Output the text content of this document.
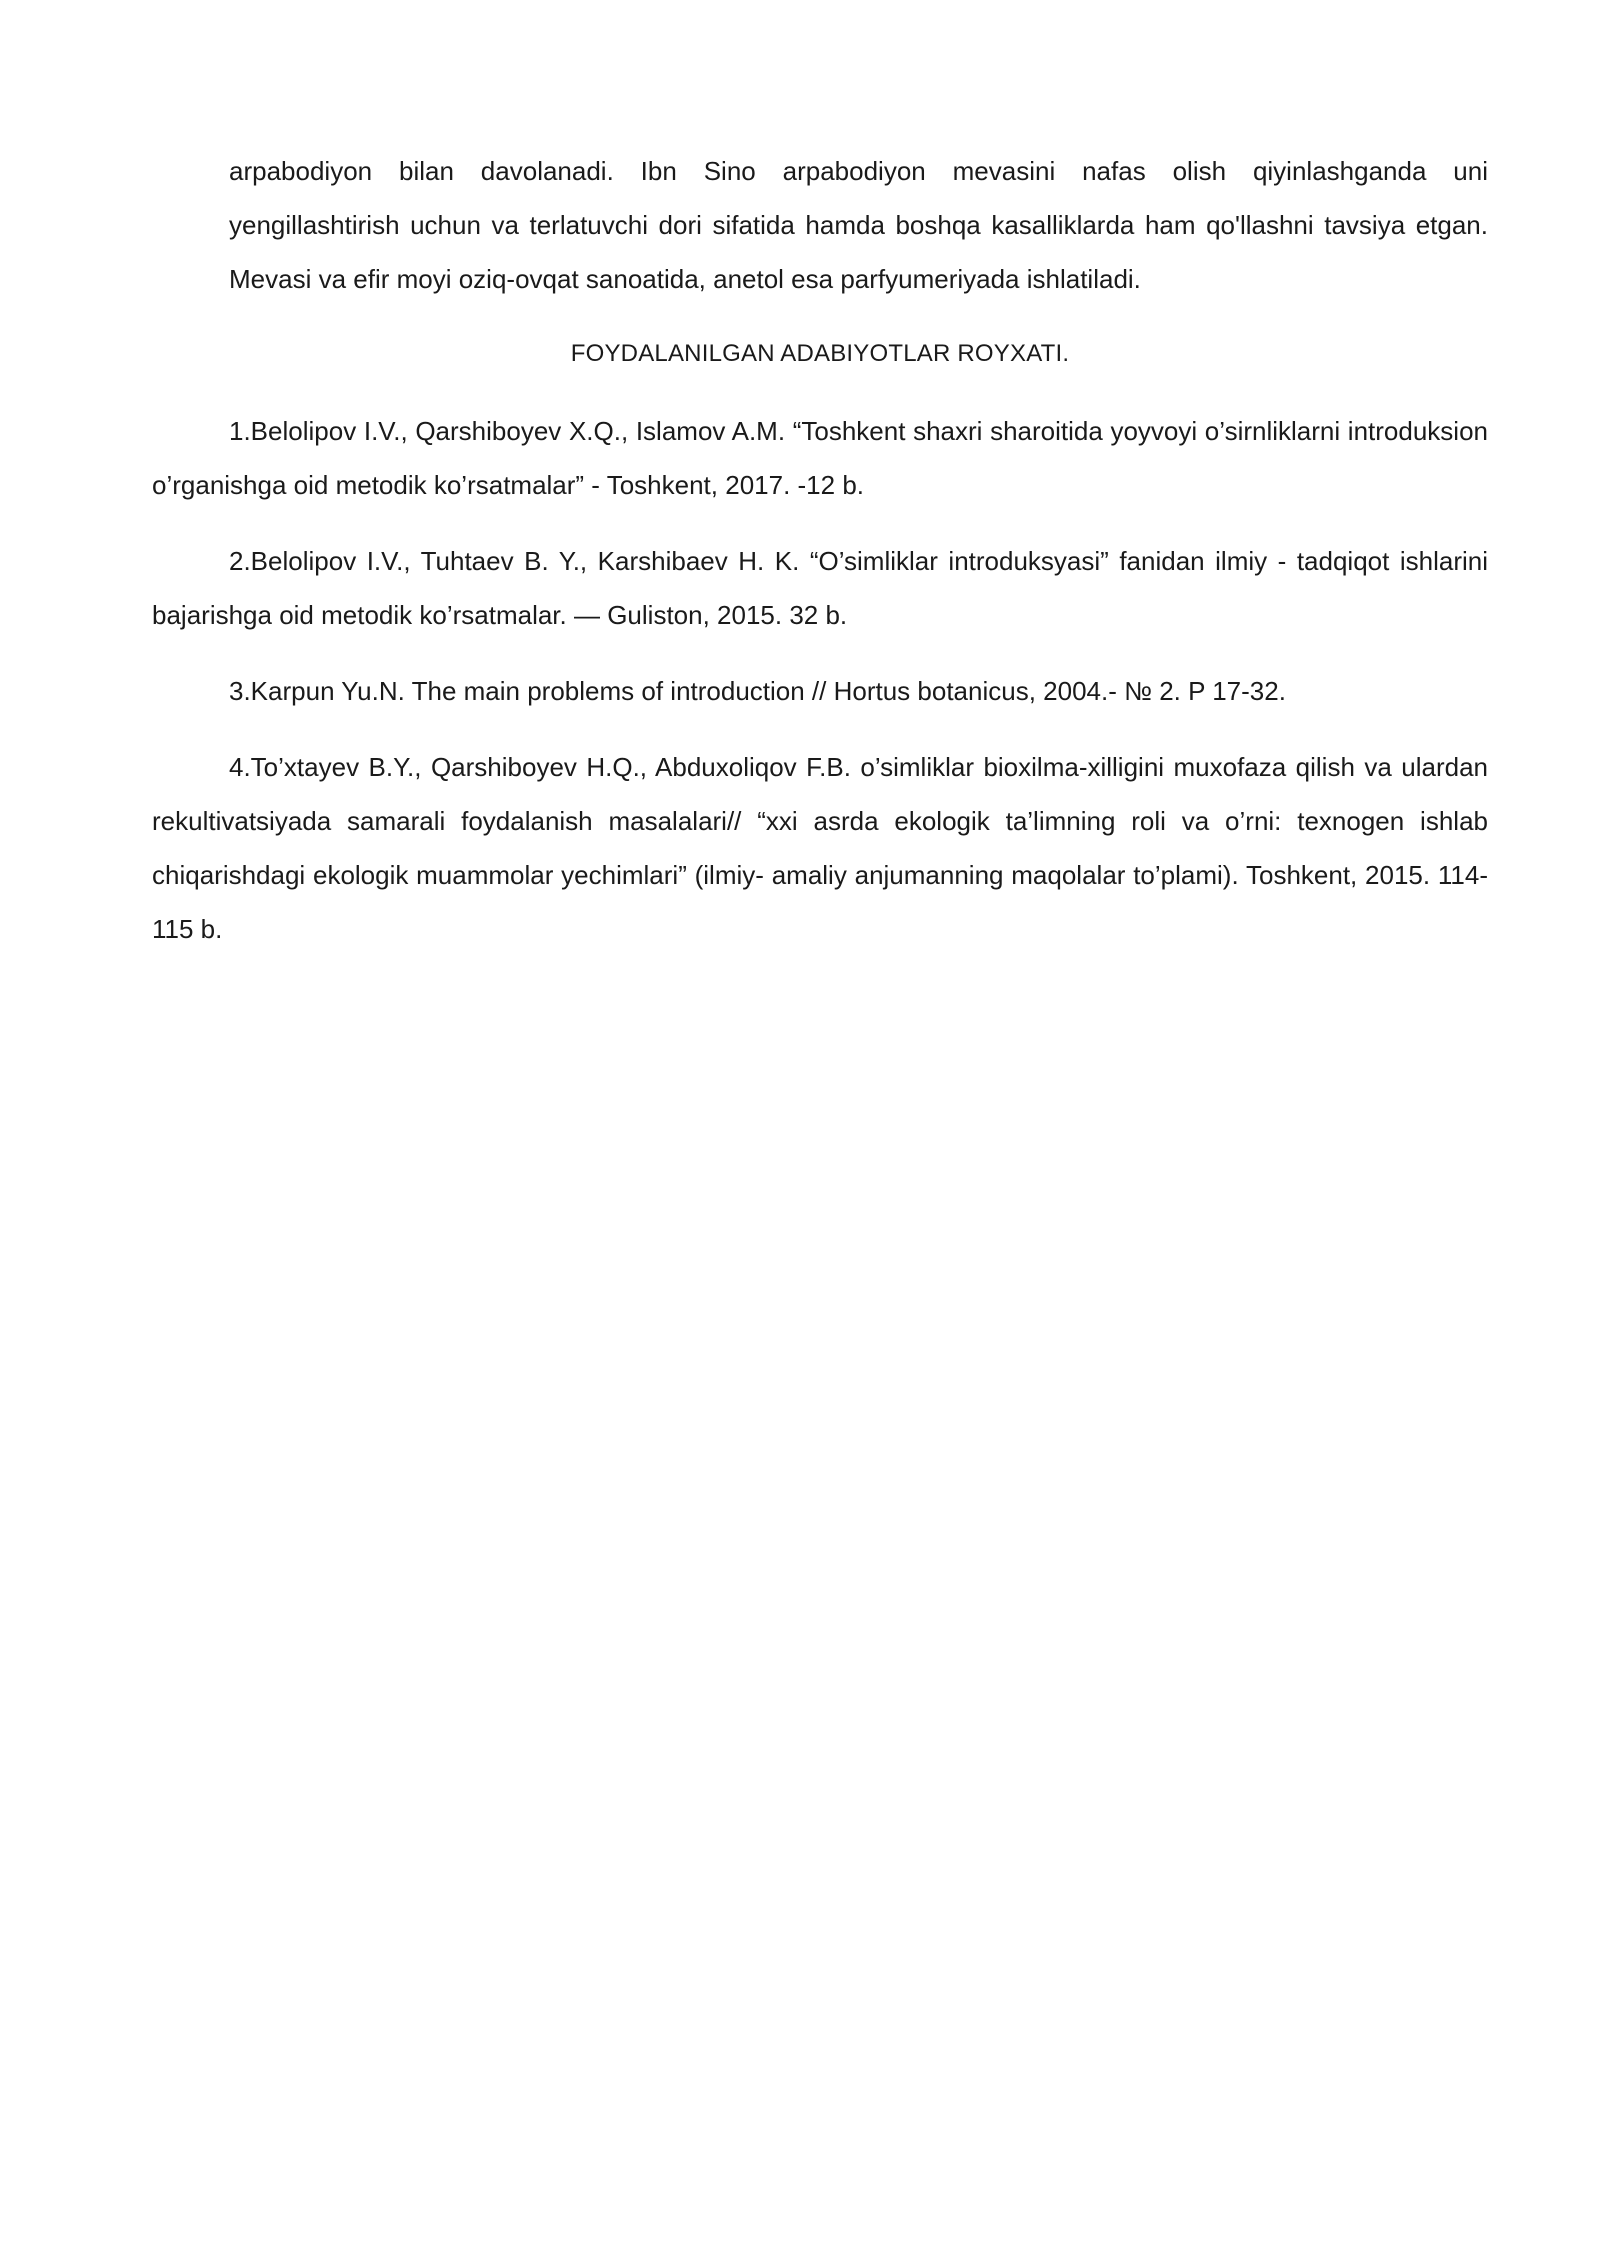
arpabodiyon bilan davolanadi. Ibn Sino arpabodiyon mevasini nafas olish qiyinlashganda uni
yengillashtirish uchun va terlatuvchi dori sifatida hamda boshqa kasalliklarda ham qo'llashni tavsiya etgan.
Mevasi va efir moyi oziq-ovqat sanoatida, anetol esa parfyumeriyada ishlatiladi.
FOYDALANILGAN ADABIYOTLAR ROYXATI.

1.Belolipov I.V., Qarshiboyev X.Q., Islamov A.M. “Toshkent shaxri sharoitida yoyvoyi o’sirnliklarni introduksion o’rganishga oid metodik ko’rsatmalar” - Toshkent, 2017. -12 b.

2.Belolipov I.V., Tuhtaev B. Y., Karshibaev H. K. “O’simliklar introduksyasi” fanidan ilmiy - tadqiqot ishlarini bajarishga oid metodik ko’rsatmalar. — Guliston, 2015. 32 b.

3.Karpun Yu.N. The main problems of introduction // Hortus botanicus, 2004.- № 2. P 17-32.

4.To’xtayev B.Y., Qarshiboyev H.Q., Abduxoliqov F.B. o’simliklar bioxilma-xilligini muxofaza qilish va ulardan rekultivatsiyada samarali foydalanish masalalari// “xxi asrda ekologik ta’limning roli va o’rni: texnogen ishlab chiqarishdagi ekologik muammolar yechimlari” (ilmiy- amaliy anjumanning maqolalar to’plami). Toshkent, 2015. 114-115 b.
